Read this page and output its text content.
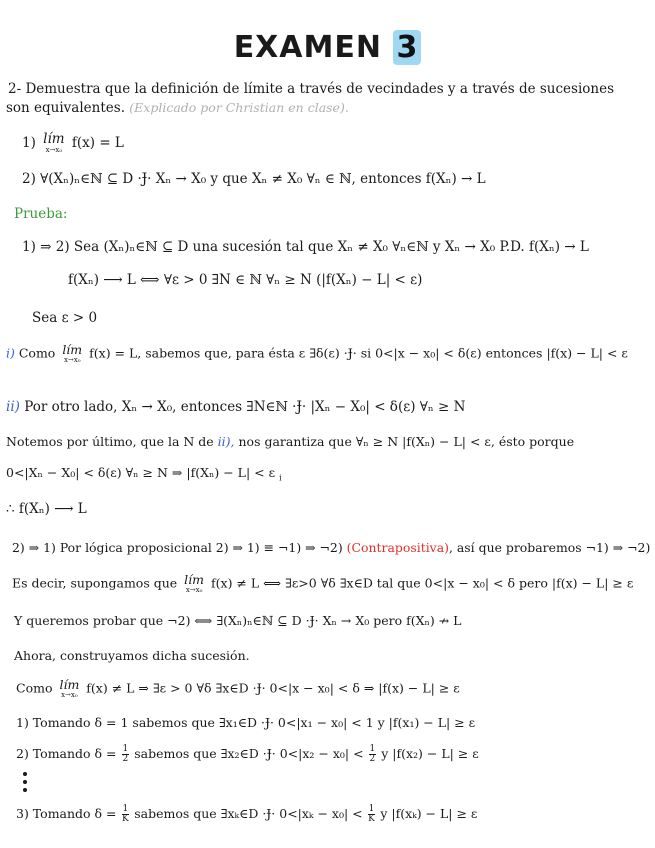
EXAMEN 3
2- Demuestra que la definición de límite a través de vecindades y a través de sucesiones
son equivalentes. (Explicado por Christian en clase).
1) lím
x→x₀ f(x) = L
2) ∀(Xₙ)ₙ∈ℕ ⊆ D ·Ɉ· Xₙ → X₀ y que Xₙ ≠ X₀ ∀ₙ ∈ ℕ, entonces f(Xₙ) → L
Prueba:
1) ⇒ 2) Sea (Xₙ)ₙ∈ℕ ⊆ D una sucesión tal que Xₙ ≠ X₀ ∀ₙ∈ℕ y Xₙ → X₀ P.D. f(Xₙ) → L
f(Xₙ) ⟶ L ⟺ ∀ε > 0 ∃N ∈ ℕ ∀ₙ ≥ N (|f(Xₙ) − L| < ε)
Sea ε > 0
i) Como lím
x→x₀ f(x) = L, sabemos que, para ésta ε ∃δ(ε) ·Ɉ· si 0<|x − x₀| < δ(ε) entonces |f(x) − L| < ε
ii) Por otro lado, Xₙ → X₀, entonces ∃N∈ℕ ·Ɉ· |Xₙ − X₀| < δ(ε) ∀ₙ ≥ N
Notemos por último, que la N de ii), nos garantiza que ∀ₙ ≥ N |f(Xₙ) − L| < ε, ésto porque
0<|Xₙ − X₀| < δ(ε) ∀ₙ ≥ N ⇒ |f(Xₙ) − L| < ε $_i$
∴ f(Xₙ) ⟶ L
2) ⇒ 1) Por lógica proposicional 2) ⇒ 1) ≡ ¬1) ⇒ ¬2) (Contrapositiva), así que probaremos ¬1) ⇒ ¬2)
Es decir, supongamos que lím
x→x₀ f(x) ≠ L ⟺ ∃ε>0 ∀δ ∃x∈D tal que 0<|x − x₀| < δ pero |f(x) − L| ≥ ε
Y queremos probar que ¬2) ⟺ ∃(Xₙ)ₙ∈ℕ ⊆ D ·Ɉ· Xₙ → X₀ pero f(Xₙ) ↛ L
Ahora, construyamos dicha sucesión.
Como lím
x→x₀ f(x) ≠ L ⇒ ∃ε > 0 ∀δ ∃x∈D ·Ɉ· 0<|x − x₀| < δ ⇒ |f(x) − L| ≥ ε
1) Tomando δ = 1 sabemos que ∃x₁∈D ·Ɉ· 0<|x₁ − x₀| < 1 y |f(x₁) − L| ≥ ε
2) Tomando $\delta = \frac{1}{2}$ sabemos que ∃x₂∈D ·Ɉ· $0<|x_2 - x_0| < \frac{1}{2}$ y |f(x₂) − L| ≥ ε
3) Tomando $\delta = \frac{1}{K}$ sabemos que ∃xₖ∈D ·Ɉ· $0<|x_k - x_0| < \frac{1}{K}$ y |f(xₖ) − L| ≥ ε
